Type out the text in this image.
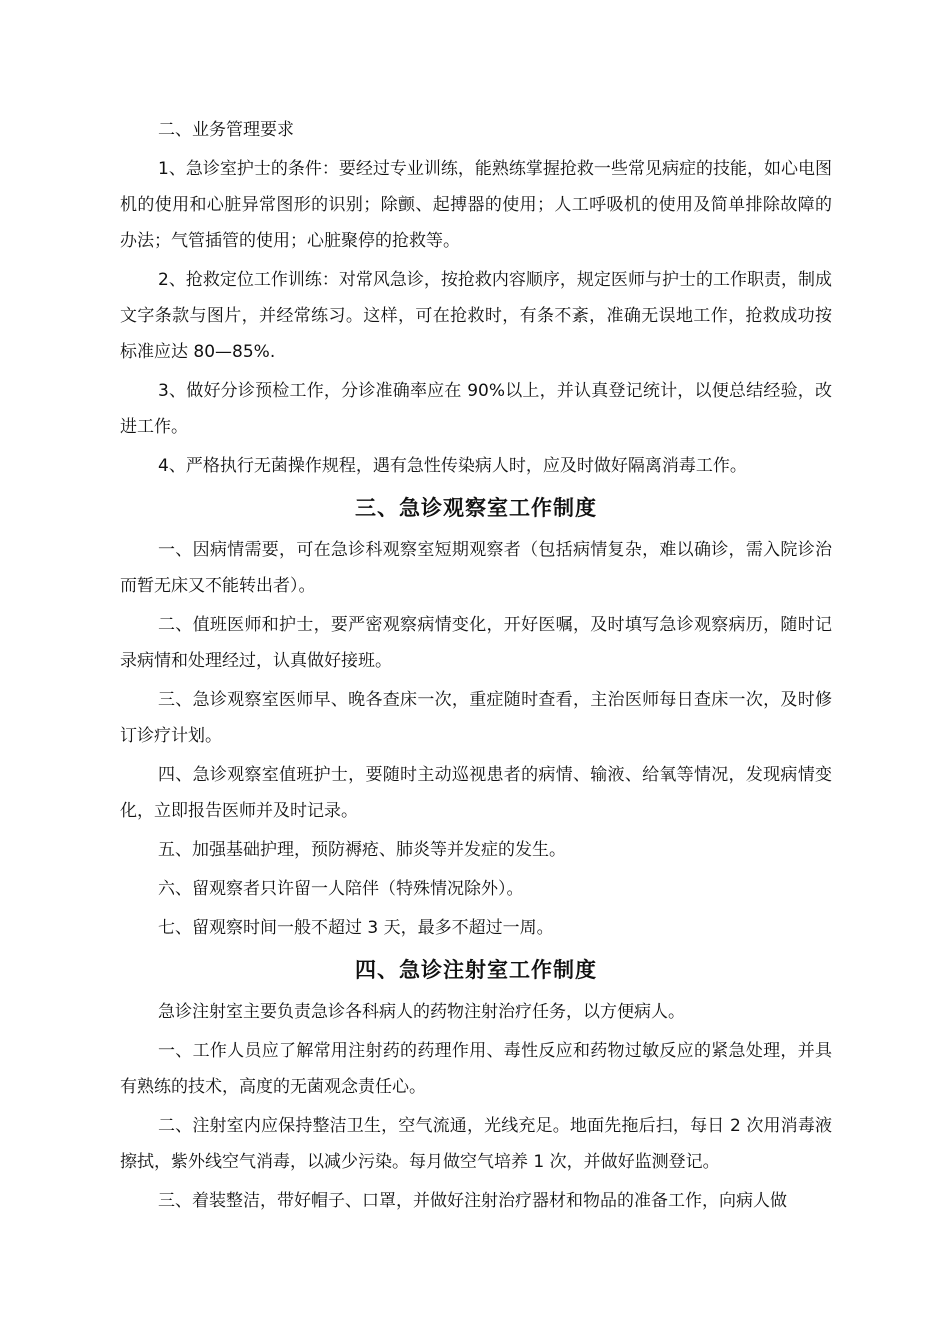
二、业务管理要求

1、急诊室护士的条件：要经过专业训练，能熟练掌握抢救一些常见病症的技能，如心电图机的使用和心脏异常图形的识别；除颤、起搏器的使用；人工呼吸机的使用及简单排除故障的办法；气管插管的使用；心脏聚停的抢救等。

2、抢救定位工作训练：对常风急诊，按抢救内容顺序，规定医师与护士的工作职责，制成文字条款与图片，并经常练习。这样，可在抢救时，有条不紊，准确无误地工作，抢救成功按标准应达 80—85%.

3、做好分诊预检工作，分诊准确率应在 90%以上，并认真登记统计，以便总结经验，改进工作。

4、严格执行无菌操作规程，遇有急性传染病人时，应及时做好隔离消毒工作。

三、急诊观察室工作制度

一、因病情需要，可在急诊科观察室短期观察者（包括病情复杂，难以确诊，需入院诊治而暂无床又不能转出者）。

二、值班医师和护士，要严密观察病情变化，开好医嘱，及时填写急诊观察病历，随时记录病情和处理经过，认真做好接班。

三、急诊观察室医师早、晚各查床一次，重症随时查看，主治医师每日查床一次，及时修订诊疗计划。

四、急诊观察室值班护士，要随时主动巡视患者的病情、输液、给氧等情况，发现病情变化，立即报告医师并及时记录。

五、加强基础护理，预防褥疮、肺炎等并发症的发生。

六、留观察者只许留一人陪伴（特殊情况除外）。

七、留观察时间一般不超过 3 天，最多不超过一周。

四、急诊注射室工作制度

急诊注射室主要负责急诊各科病人的药物注射治疗任务，以方便病人。

一、工作人员应了解常用注射药的药理作用、毒性反应和药物过敏反应的紧急处理，并具有熟练的技术，高度的无菌观念责任心。

二、注射室内应保持整洁卫生，空气流通，光线充足。地面先拖后扫，每日 2 次用消毒液擦拭，紫外线空气消毒，以减少污染。每月做空气培养 1 次，并做好监测登记。

三、着装整洁，带好帽子、口罩，并做好注射治疗器材和物品的准备工作，向病人做
